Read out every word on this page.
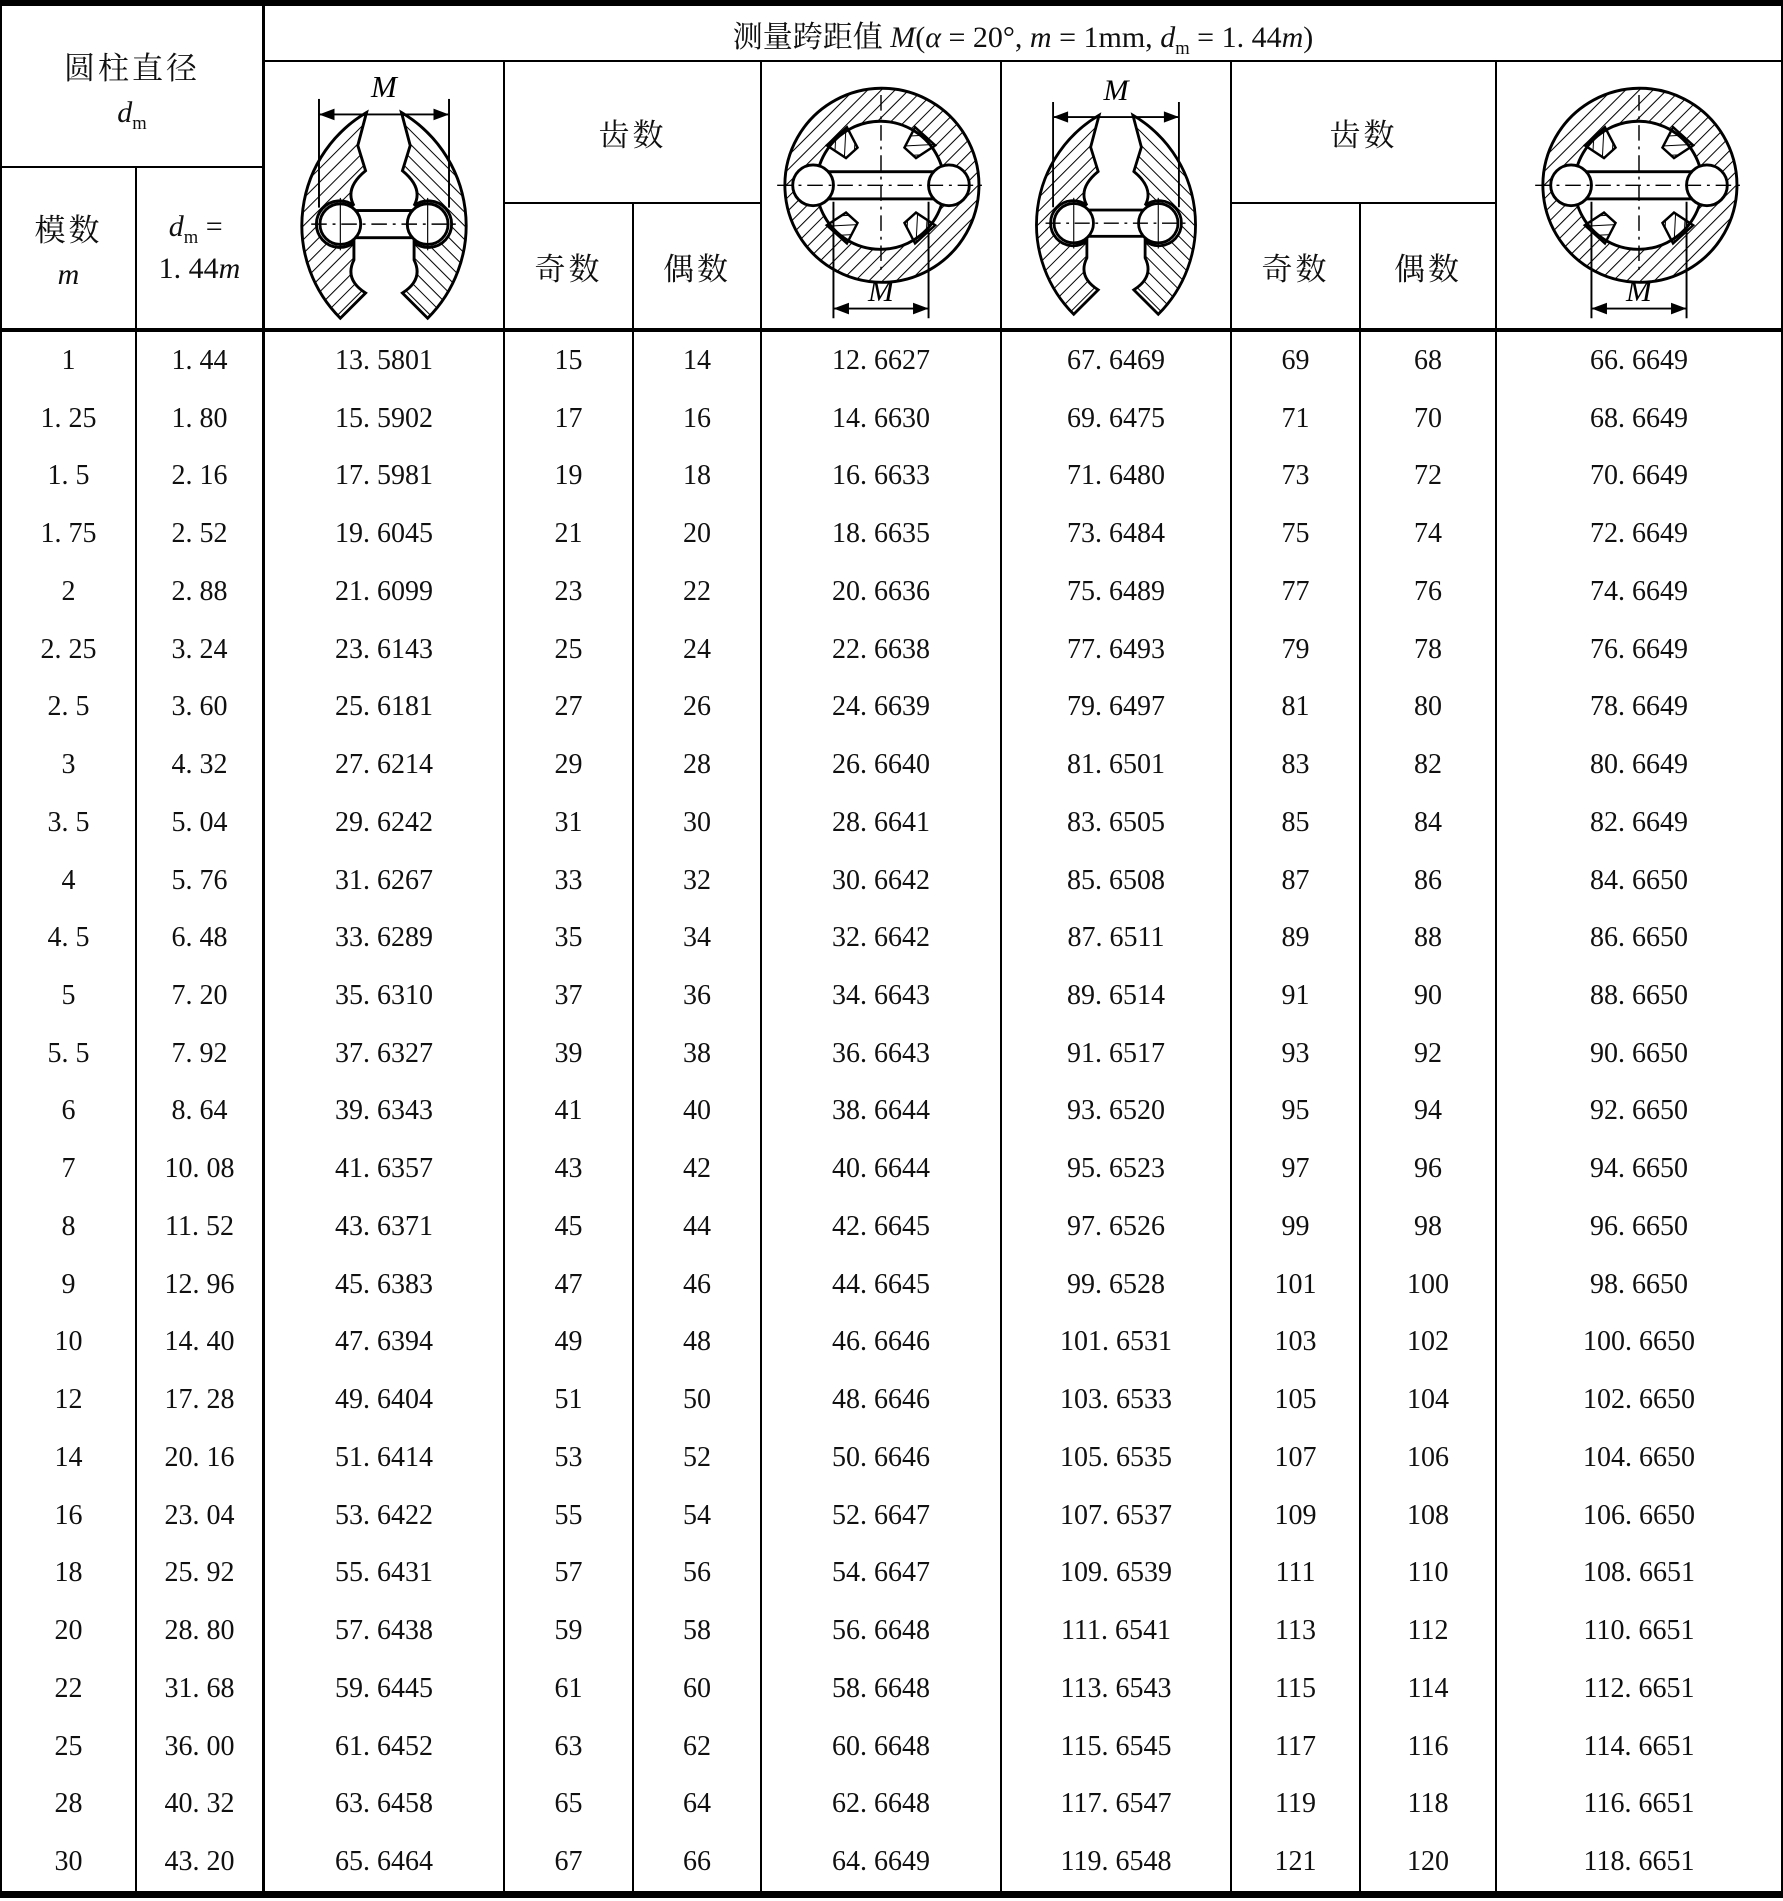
测量跨距值 M ( α = 20°, m = 1mm, d m = 1. 44 m )
圆柱直径
d m
模数
m
d m =
1. 44 m
M
齿数
奇数	偶数
M
M
齿数
奇数	偶数
M
1	1. 44	13. 5801	15	14	12. 6627	67. 6469	69	68	66. 6649
1. 25	1. 80	15. 5902	17	16	14. 6630	69. 6475	71	70	68. 6649
1. 5	2. 16	17. 5981	19	18	16. 6633	71. 6480	73	72	70. 6649
1. 75	2. 52	19. 6045	21	20	18. 6635	73. 6484	75	74	72. 6649
2	2. 88	21. 6099	23	22	20. 6636	75. 6489	77	76	74. 6649
2. 25	3. 24	23. 6143	25	24	22. 6638	77. 6493	79	78	76. 6649
2. 5	3. 60	25. 6181	27	26	24. 6639	79. 6497	81	80	78. 6649
3	4. 32	27. 6214	29	28	26. 6640	81. 6501	83	82	80. 6649
3. 5	5. 04	29. 6242	31	30	28. 6641	83. 6505	85	84	82. 6649
4	5. 76	31. 6267	33	32	30. 6642	85. 6508	87	86	84. 6650
4. 5	6. 48	33. 6289	35	34	32. 6642	87. 6511	89	88	86. 6650
5	7. 20	35. 6310	37	36	34. 6643	89. 6514	91	90	88. 6650
5. 5	7. 92	37. 6327	39	38	36. 6643	91. 6517	93	92	90. 6650
6	8. 64	39. 6343	41	40	38. 6644	93. 6520	95	94	92. 6650
7	10. 08	41. 6357	43	42	40. 6644	95. 6523	97	96	94. 6650
8	11. 52	43. 6371	45	44	42. 6645	97. 6526	99	98	96. 6650
9	12. 96	45. 6383	47	46	44. 6645	99. 6528	101	100	98. 6650
10	14. 40	47. 6394	49	48	46. 6646	101. 6531	103	102	100. 6650
12	17. 28	49. 6404	51	50	48. 6646	103. 6533	105	104	102. 6650
14	20. 16	51. 6414	53	52	50. 6646	105. 6535	107	106	104. 6650
16	23. 04	53. 6422	55	54	52. 6647	107. 6537	109	108	106. 6650
18	25. 92	55. 6431	57	56	54. 6647	109. 6539	111	110	108. 6651
20	28. 80	57. 6438	59	58	56. 6648	111. 6541	113	112	110. 6651
22	31. 68	59. 6445	61	60	58. 6648	113. 6543	115	114	112. 6651
25	36. 00	61. 6452	63	62	60. 6648	115. 6545	117	116	114. 6651
28	40. 32	63. 6458	65	64	62. 6648	117. 6547	119	118	116. 6651
30	43. 20	65. 6464	67	66	64. 6649	119. 6548	121	120	118. 6651
